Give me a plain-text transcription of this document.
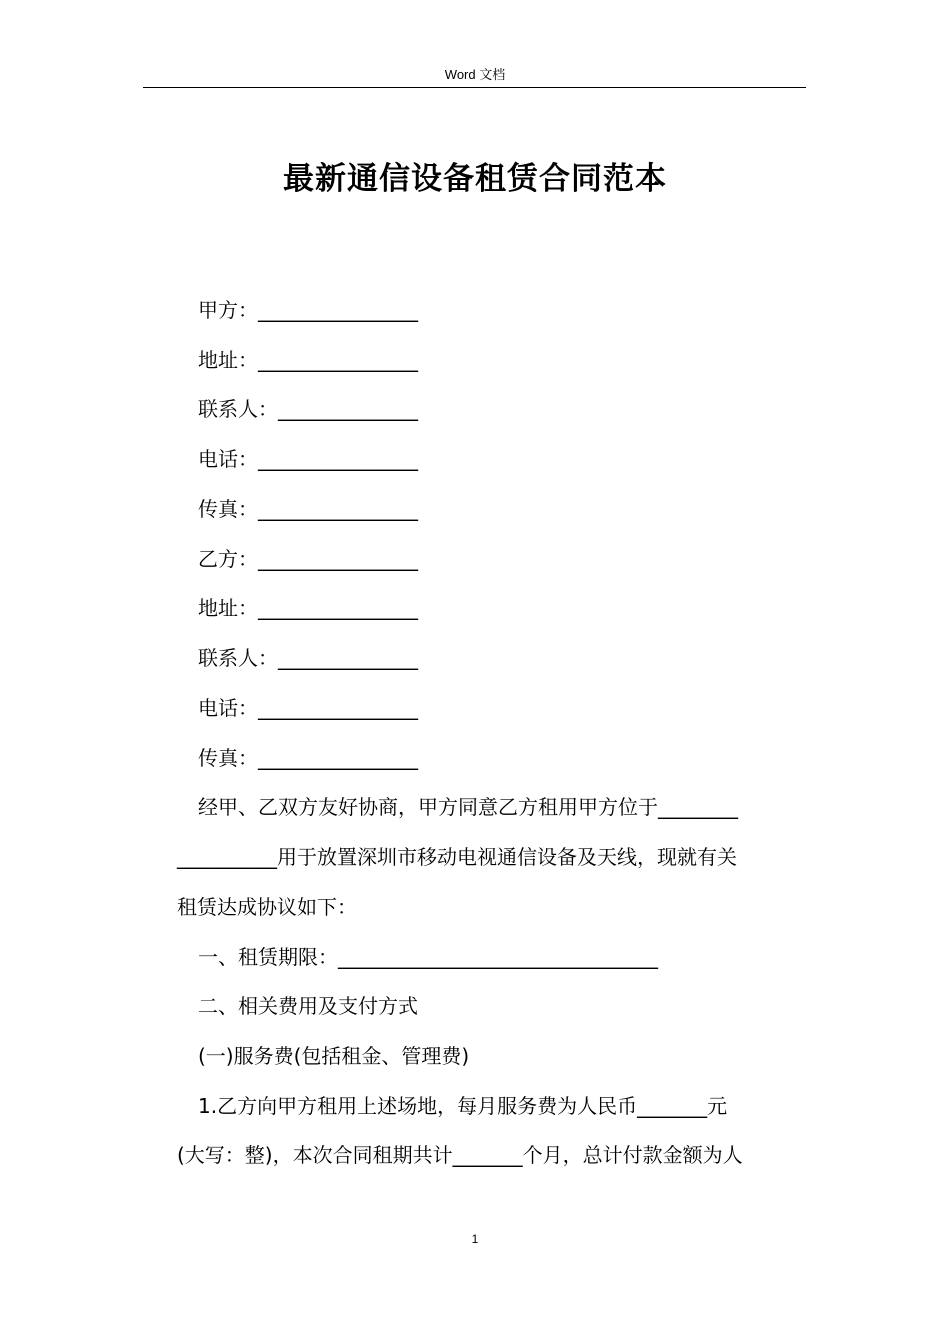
Word 文档
最新通信设备租赁合同范本
甲方：________________
地址：________________
联系人：______________
电话：________________
传真：________________
乙方：________________
地址：________________
联系人：______________
电话：________________
传真：________________
经甲、乙双方友好协商，甲方同意乙方租用甲方位于________
__________用于放置深圳市移动电视通信设备及天线，现就有关
租赁达成协议如下：
一、租赁期限：________________________________
二、相关费用及支付方式
(一)服务费(包括租金、管理费)
1.乙方向甲方租用上述场地，每月服务费为人民币_______元
(大写：整)，本次合同租期共计_______个月，总计付款金额为人
1
